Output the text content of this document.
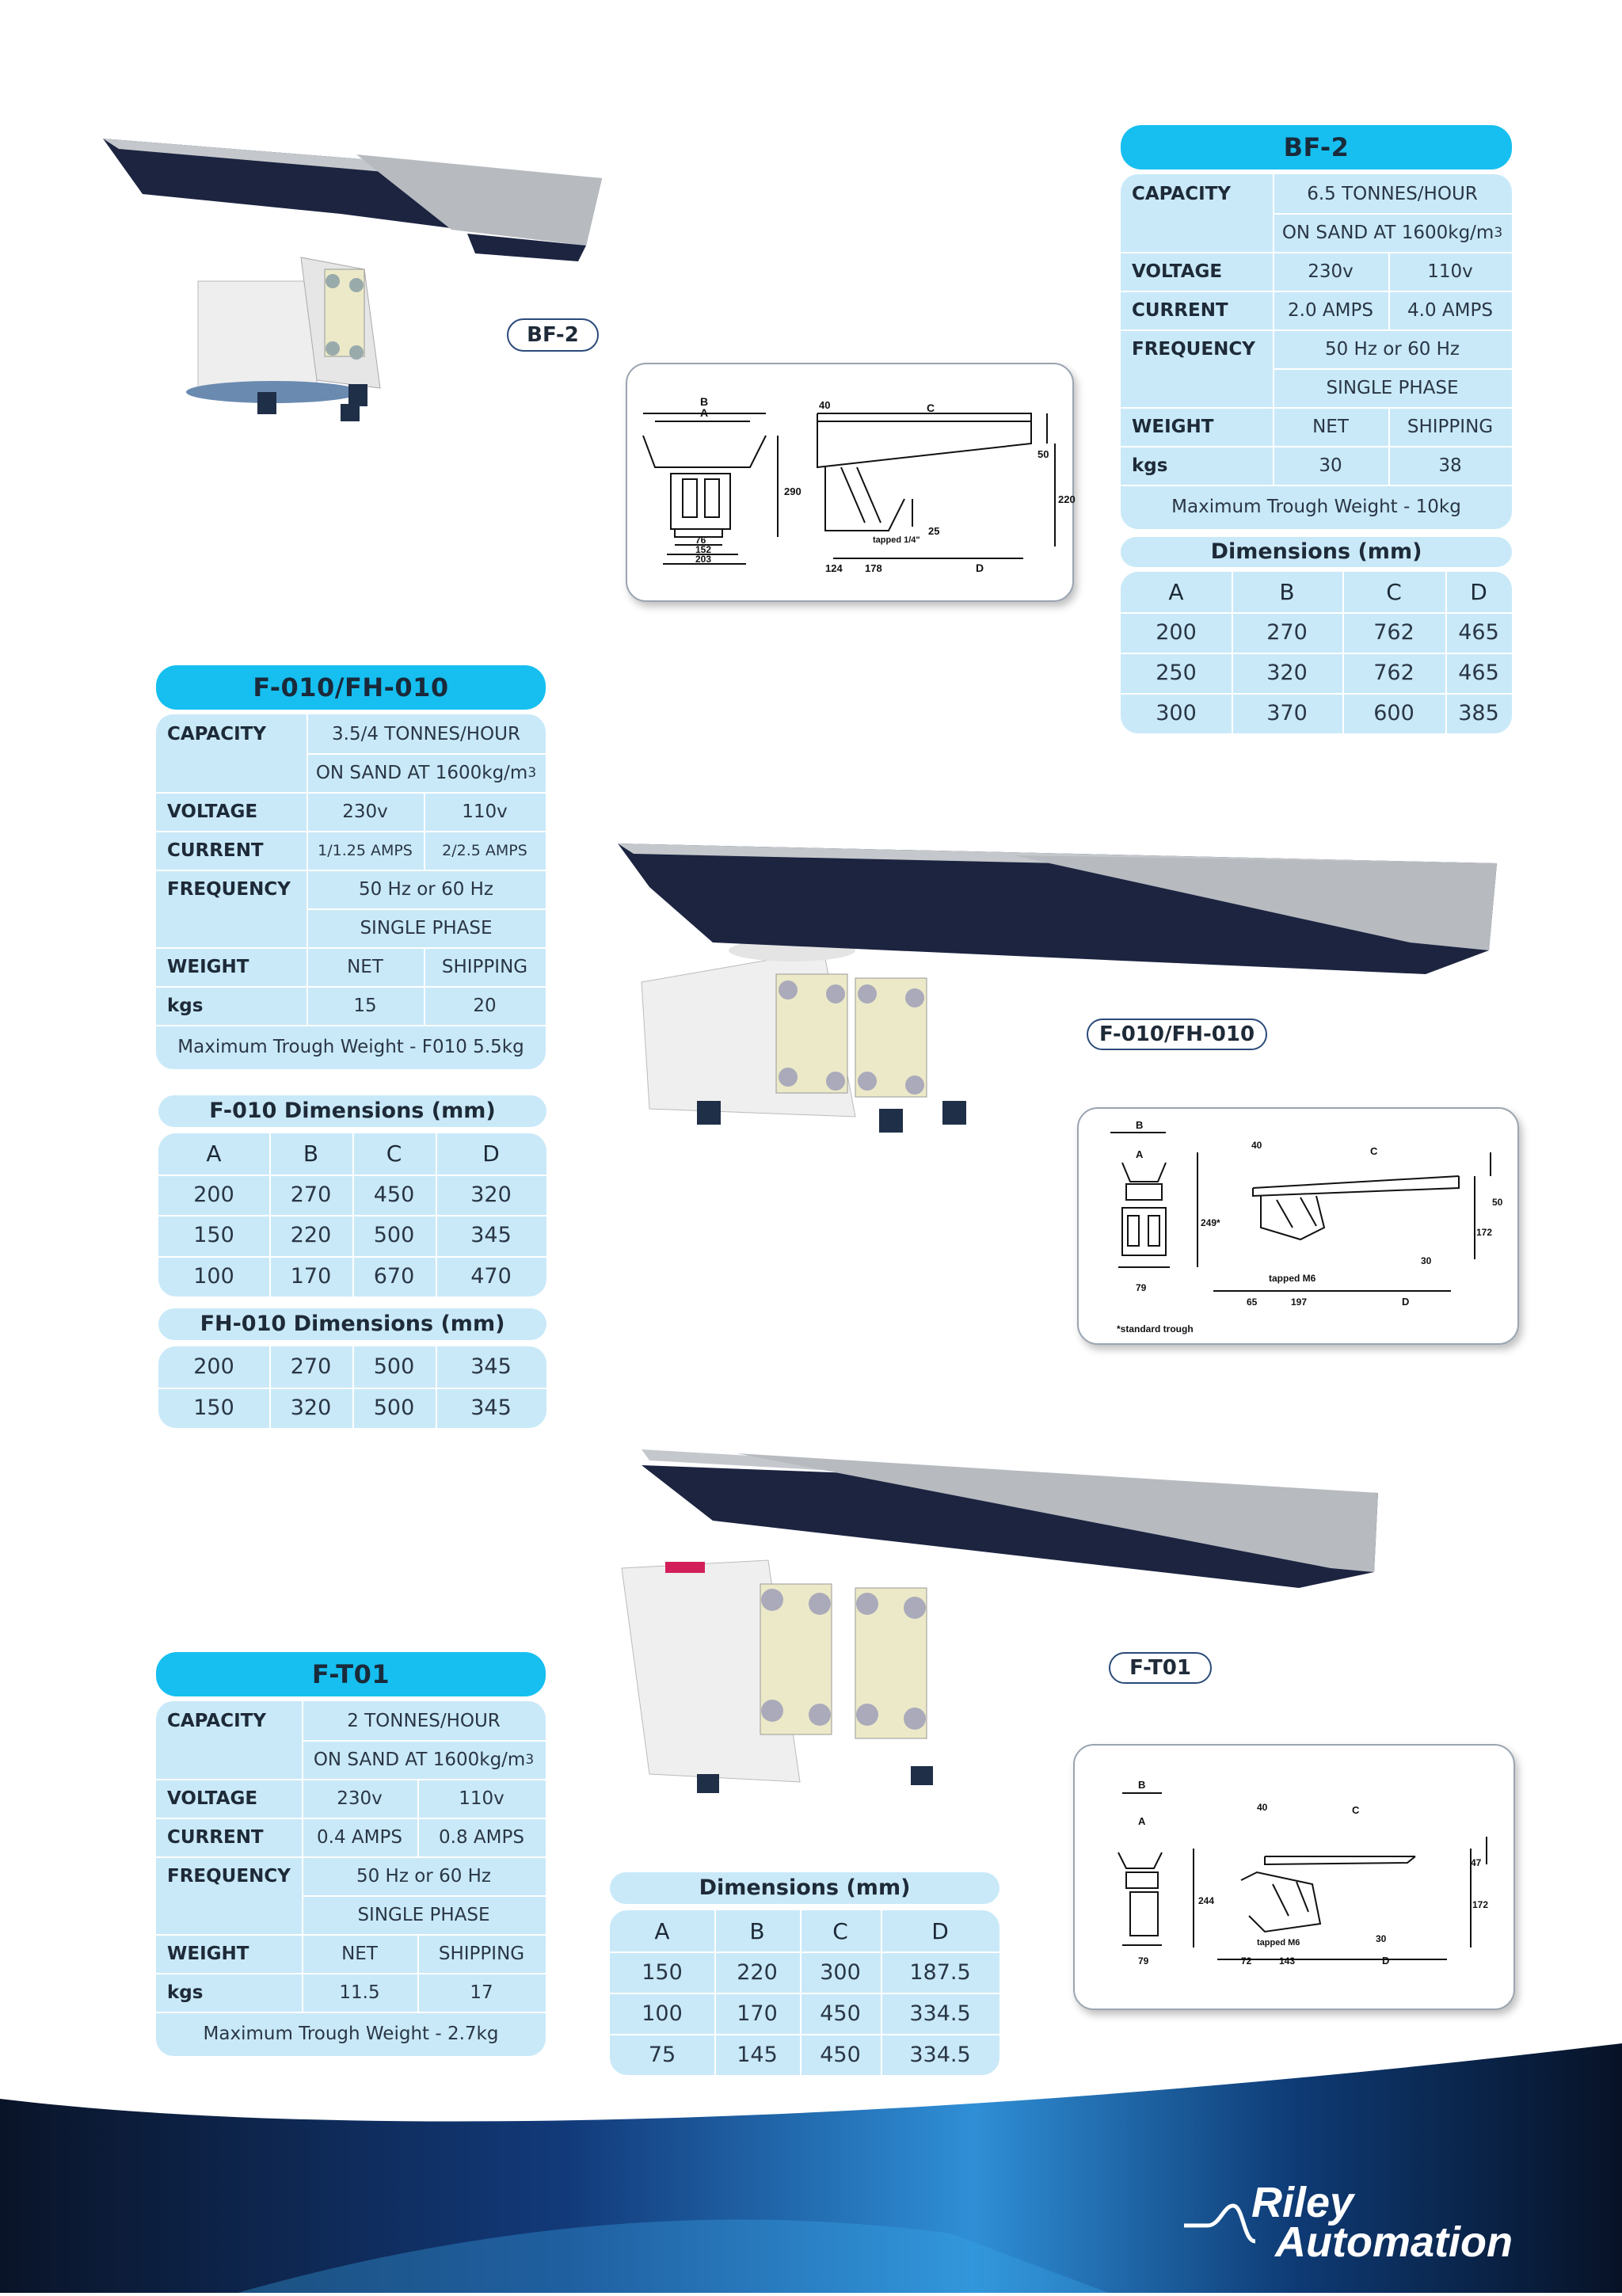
BF-2
B
A	C
40
50
290
220
25
tapped 1/4"
124 178	D
76
152
203
F-010/FH-010
B
A	C
40
50
249*
172
30
tapped M6
79
65	197	D
*standard trough
F-T01
B
A
C
40
47
244	172
30
tapped M6
79	72	143	D
Riley
Automation
BF-2
CAPACITY	6.5 TONNES/HOUR
ON SAND AT 1600kg/m 3
VOLTAGE	230v	110v
CURRENT	2.0 AMPS	4.0 AMPS
FREQUENCY	50 Hz or 60 Hz
SINGLE PHASE
WEIGHT	NET	SHIPPING
kgs	30	38
Maximum Trough Weight - 10kg
Dimensions (mm)
A	B	C	D
200	270	762	465
250	320	762	465
300	370	600	385
F-010/FH-010
CAPACITY	3.5/4 TONNES/HOUR
ON SAND AT 1600kg/m 3
VOLTAGE	230v	110v
CURRENT	1/1.25 AMPS	2/2.5 AMPS
FREQUENCY	50 Hz or 60 Hz
SINGLE PHASE
WEIGHT	NET	SHIPPING
kgs	15	20
Maximum Trough Weight - F010 5.5kg
F-010 Dimensions (mm)
A	B	C	D
200	270	450	320
150	220	500	345
100	170	670	470
FH-010 Dimensions (mm)
200	270	500	345
150	320	500	345
F-T01
CAPACITY	2 TONNES/HOUR
ON SAND AT 1600kg/m 3
VOLTAGE	230v	110v
CURRENT	0.4 AMPS	0.8 AMPS
FREQUENCY	50 Hz or 60 Hz
SINGLE PHASE
WEIGHT	NET	SHIPPING
kgs	11.5	17
Maximum Trough Weight - 2.7kg
Dimensions (mm)
A	B	C	D
150	220	300	187.5
100	170	450	334.5
75	145	450	334.5
